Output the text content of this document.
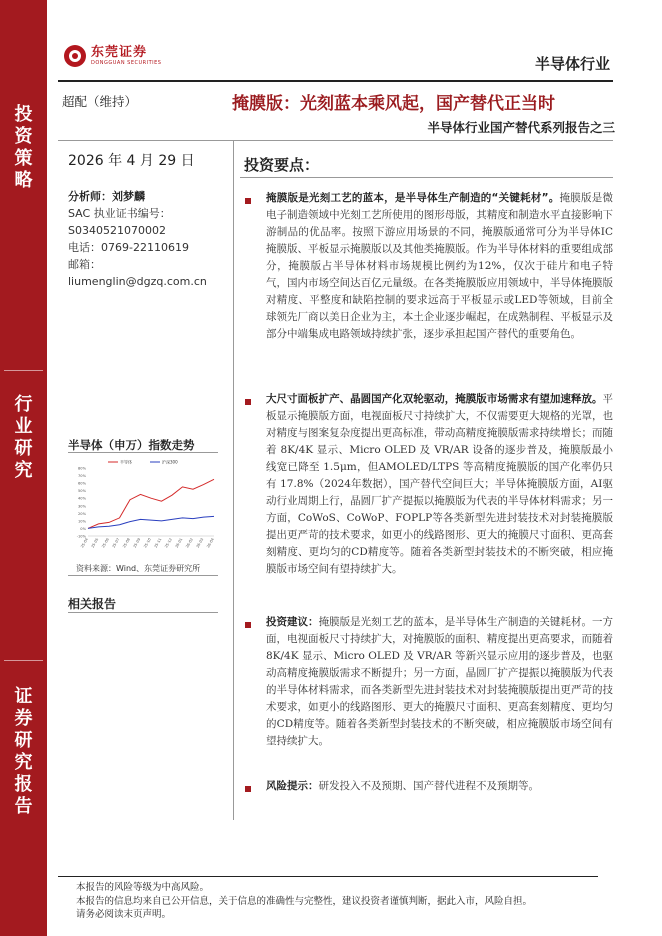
投
资
策
略
行
业
研
究
证
券
研
究
报
告
东莞证券
DONGGUAN SECURITIES	半导体行业
超配（维持）	掩膜版：光刻蓝本乘风起，国产替代正当时
半导体行业国产替代系列报告之三
2026 年 4 月 29 日
分析师：刘梦麟
SAC 执业证书编号：
S0340521070002
电话：0769-22110619
邮箱：
liumenglin@dgzq.com.cn
半导体（申万）指数走势
80%
70%
60%
50%
40%
30%
20%
10%
0%
-10%
25-04 25-05 25-06 25-07 25-08 25-09 25-10 25-11 25-12 26-01 26-02 26-03 26-04
半导体	沪深300
资料来源：Wind、东莞证券研究所
相关报告
投资要点：
掩膜版是光刻工艺的蓝本，是半导体生产制造的“关键耗材”。掩膜版是微电子制造领域中光刻工艺所使用的图形母版，其精度和制造水平直接影响下游制品的优品率。按照下游应用场景的不同，掩膜版通常可分为半导体IC掩膜版、平板显示掩膜版以及其他类掩膜版。作为半导体材料的重要组成部分，掩膜版占半导体材料市场规模比例约为12%，仅次于硅片和电子特气，国内市场空间达百亿元量级。在各类掩膜版应用领域中，半导体掩膜版对精度、平整度和缺陷控制的要求远高于平板显示或LED等领域，目前全球领先厂商以美日企业为主，本土企业逐步崛起，在成熟制程、平板显示及部分中端集成电路领域持续扩张，逐步承担起国产替代的重要角色。
大尺寸面板扩产、晶圆国产化双轮驱动，掩膜版市场需求有望加速释放。平板显示掩膜版方面，电视面板尺寸持续扩大，不仅需要更大规格的光罩，也对精度与图案复杂度提出更高标准，带动高精度掩膜版需求持续增长；而随着 8K/4K 显示、Micro OLED 及 VR/AR 设备的逐步普及，掩膜版最小线宽已降至 1.5μm，但AMOLED/LTPS 等高精度掩膜版的国产化率仍只有 17.8%（2024年数据），国产替代空间巨大；半导体掩膜版方面，AI驱动行业周期上行，晶圆厂扩产提振以掩膜版为代表的半导体材料需求；另一方面，CoWoS、CoWoP、FOPLP等各类新型先进封装技术对封装掩膜版提出更严苛的技术要求，如更小的线路图形、更大的掩膜尺寸面积、更高套刻精度、更均匀的CD精度等。随着各类新型封装技术的不断突破，相应掩膜版市场空间有望持续扩大。
投资建议：掩膜版是光刻工艺的蓝本，是半导体生产制造的关键耗材。一方面，电视面板尺寸持续扩大，对掩膜版的面积、精度提出更高要求，而随着 8K/4K 显示、Micro OLED 及 VR/AR 等新兴显示应用的逐步普及，也驱动高精度掩膜版需求不断提升；另一方面，晶圆厂扩产提振以掩膜版为代表的半导体材料需求，而各类新型先进封装技术对封装掩膜版提出更严苛的技术要求，如更小的线路图形、更大的掩膜尺寸面积、更高套刻精度、更均匀的CD精度等。随着各类新型封装技术的不断突破，相应掩膜版市场空间有望持续扩大。
风险提示：研发投入不及预期、国产替代进程不及预期等。
本报告的风险等级为中高风险。
本报告的信息均来自已公开信息，关于信息的准确性与完整性，建议投资者谨慎判断，据此入市，风险自担。
请务必阅读末页声明。
